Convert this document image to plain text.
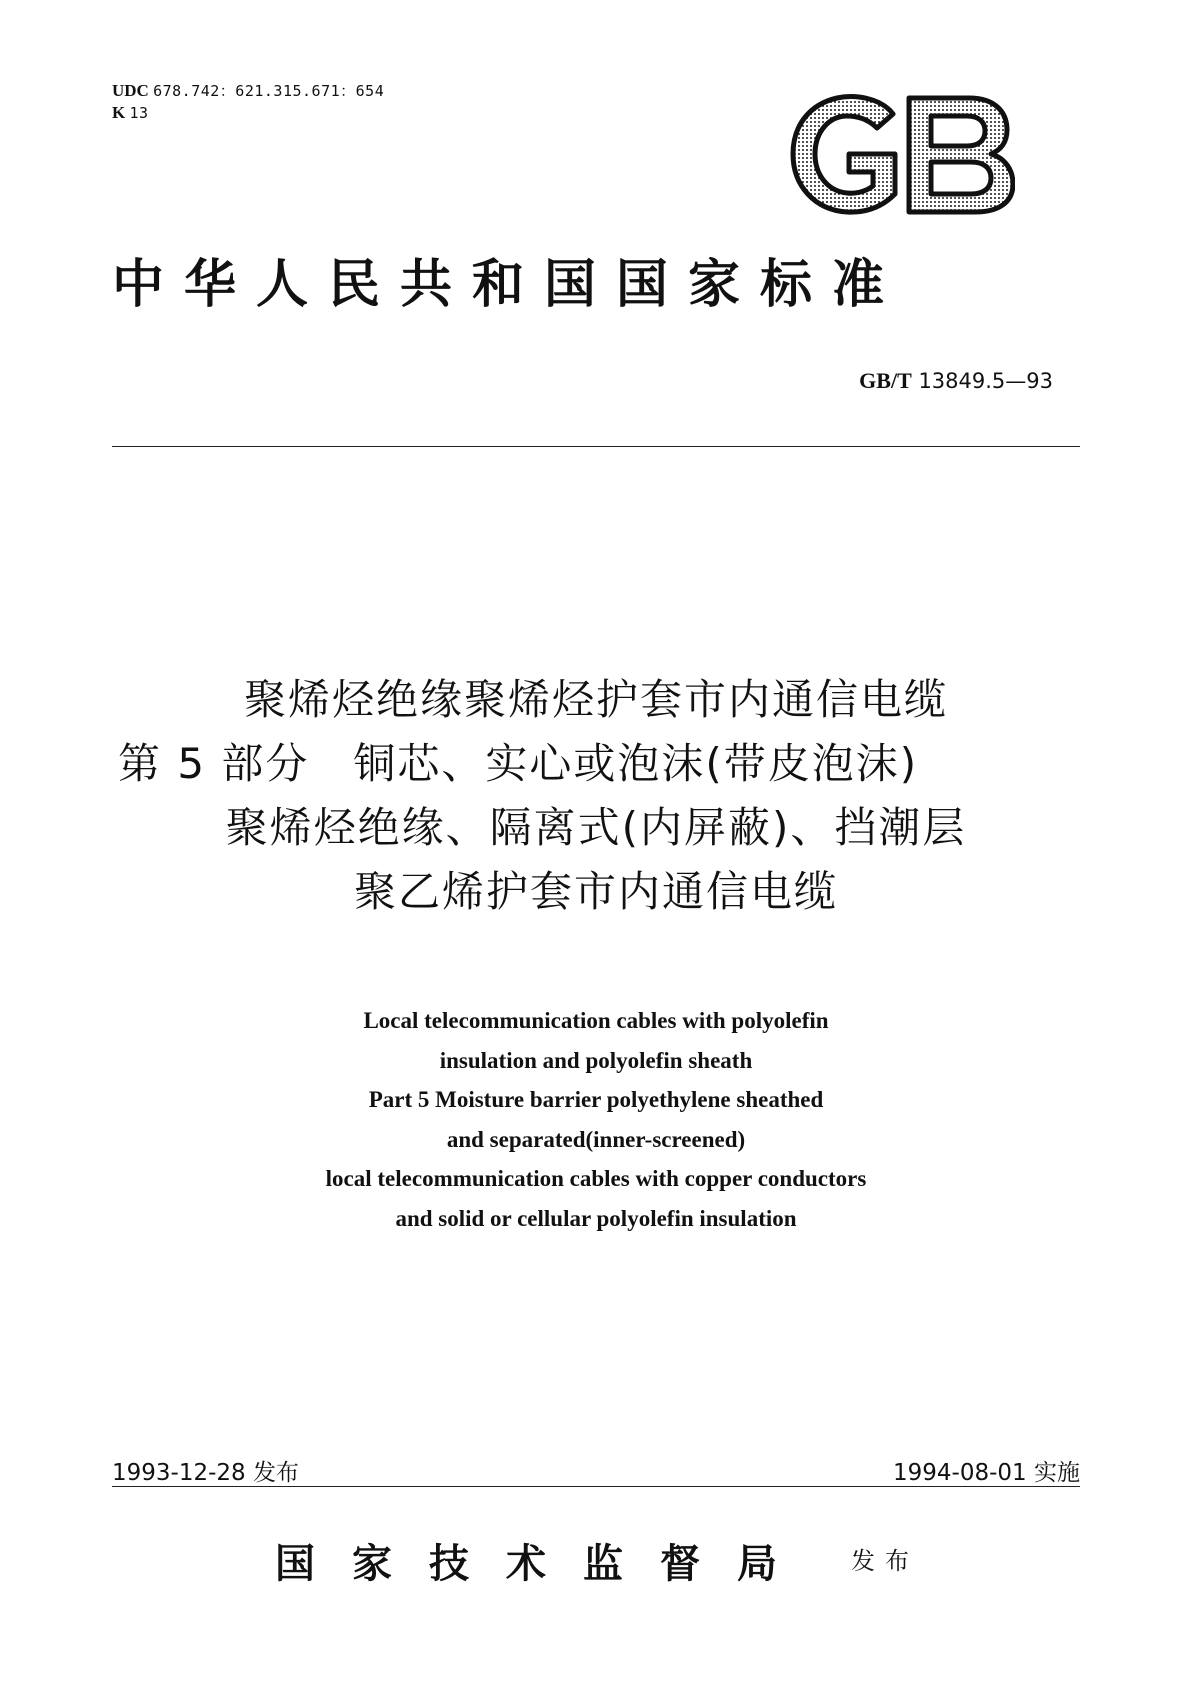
UDC 678.742：621.315.671：654
K 13
中华人民共和国国家标准
GB/T 13849.5—93
聚烯烃绝缘聚烯烃护套市内通信电缆
第 5 部分　铜芯、实心或泡沫(带皮泡沫)
聚烯烃绝缘、隔离式(内屏蔽)、挡潮层
聚乙烯护套市内通信电缆
Local telecommunication cables with polyolefin
insulation and polyolefin sheath
Part 5 Moisture barrier polyethylene sheathed
and separated(inner-screened)
local telecommunication cables with copper conductors
and solid or cellular polyolefin insulation
1993-12-28 发布	1994-08-01 实施
国家技术监督局 发布
